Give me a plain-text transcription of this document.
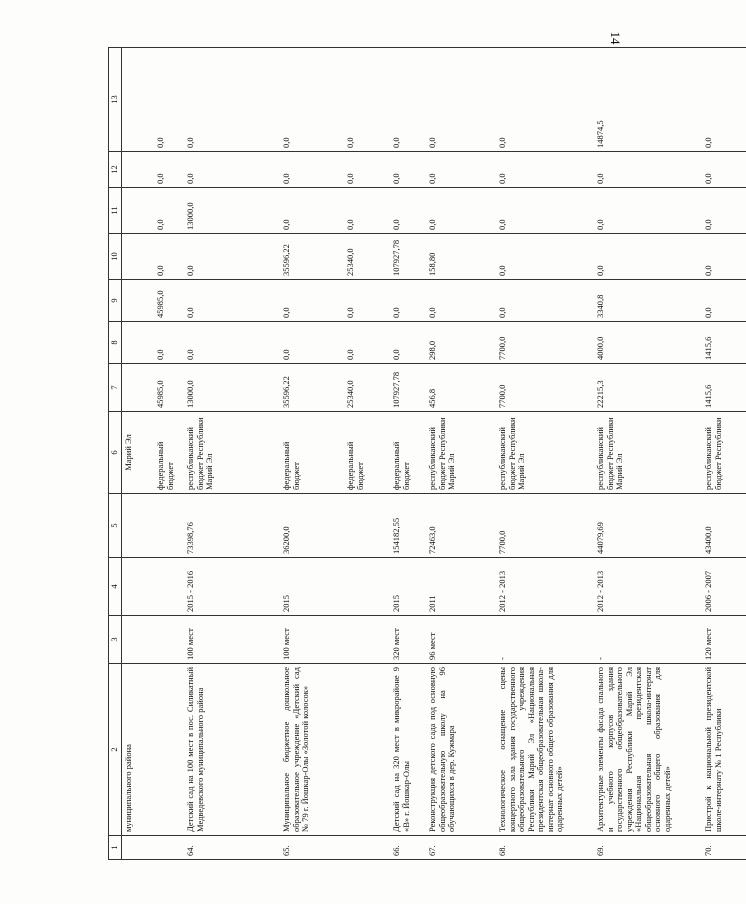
14
1	2	3	4	5	6	7	8	9	10	11	12	13
	муниципального района				Марий Эл							
					федеральный бюджет	45985,0	0,0	45985,0	0,0	0,0	0,0	0,0
64.	Детский сад на 100 мест в пос. Силикатный Медведевского муниципального района	100 мест	2015 - 2016	73398,76	республиканский бюджет Республики Марий Эл	13000,0	0,0	0,0	0,0	13000,0	0,0	0,0
65.	Муниципальное бюджетное дошкольное образовательное учреждение «Детский сад № 79 г. Йошкар-Олы «Золотой колосок»	100 мест	2015	36200,0	федеральный бюджет	35596,22	0,0	0,0	35596,22	0,0	0,0	0,0
					федеральный бюджет	25340,0	0,0	0,0	25340,0	0,0	0,0	0,0
66.	Детский сад на 320 мест в микрорайоне 9 «В» г. Йошкар-Олы	320 мест	2015	154182,55	федеральный бюджет	107927,78	0,0	0,0	107927,78	0,0	0,0	0,0
67.	Реконструкция детского сада под основную общеобразовательную школу на 96 обучающихся в дер. Кужмара	96 мест	2011	72463,0	республиканский бюджет Республики Марий Эл	456,8	298,0	0,0	158,80	0,0	0,0	0,0
68.	Технологическое оснащение сцены концертного зала здания государственного общеобразовательного учреждения Республики Марий Эл «Национальная президентская общеобразовательная школа-интернат основного общего образования для одаренных детей»	-	2012 - 2013	7700,0	республиканский бюджет Республики Марий Эл	7700,0	7700,0	0,0	0,0	0,0	0,0	0,0
69.	Архитектурные элементы фасада спального и учебного корпусов здания государственного общеобразовательного учреждения Республики Марий Эл «Национальная президентская общеобразовательная школа-интернат основного общего образования для одаренных детей»	-	2012 - 2013	44079,69	республиканский бюджет Республики Марий Эл	22215,3	4000,0	3340,8	0,0	0,0	0,0	14874,5
70.	Пристрой к национальной президентской школе-интернату № 1 Республики	120 мест	2006 - 2007	43400,0	республиканский бюджет Республики	1415,6	1415,6	0,0	0,0	0,0	0,0	0,0
